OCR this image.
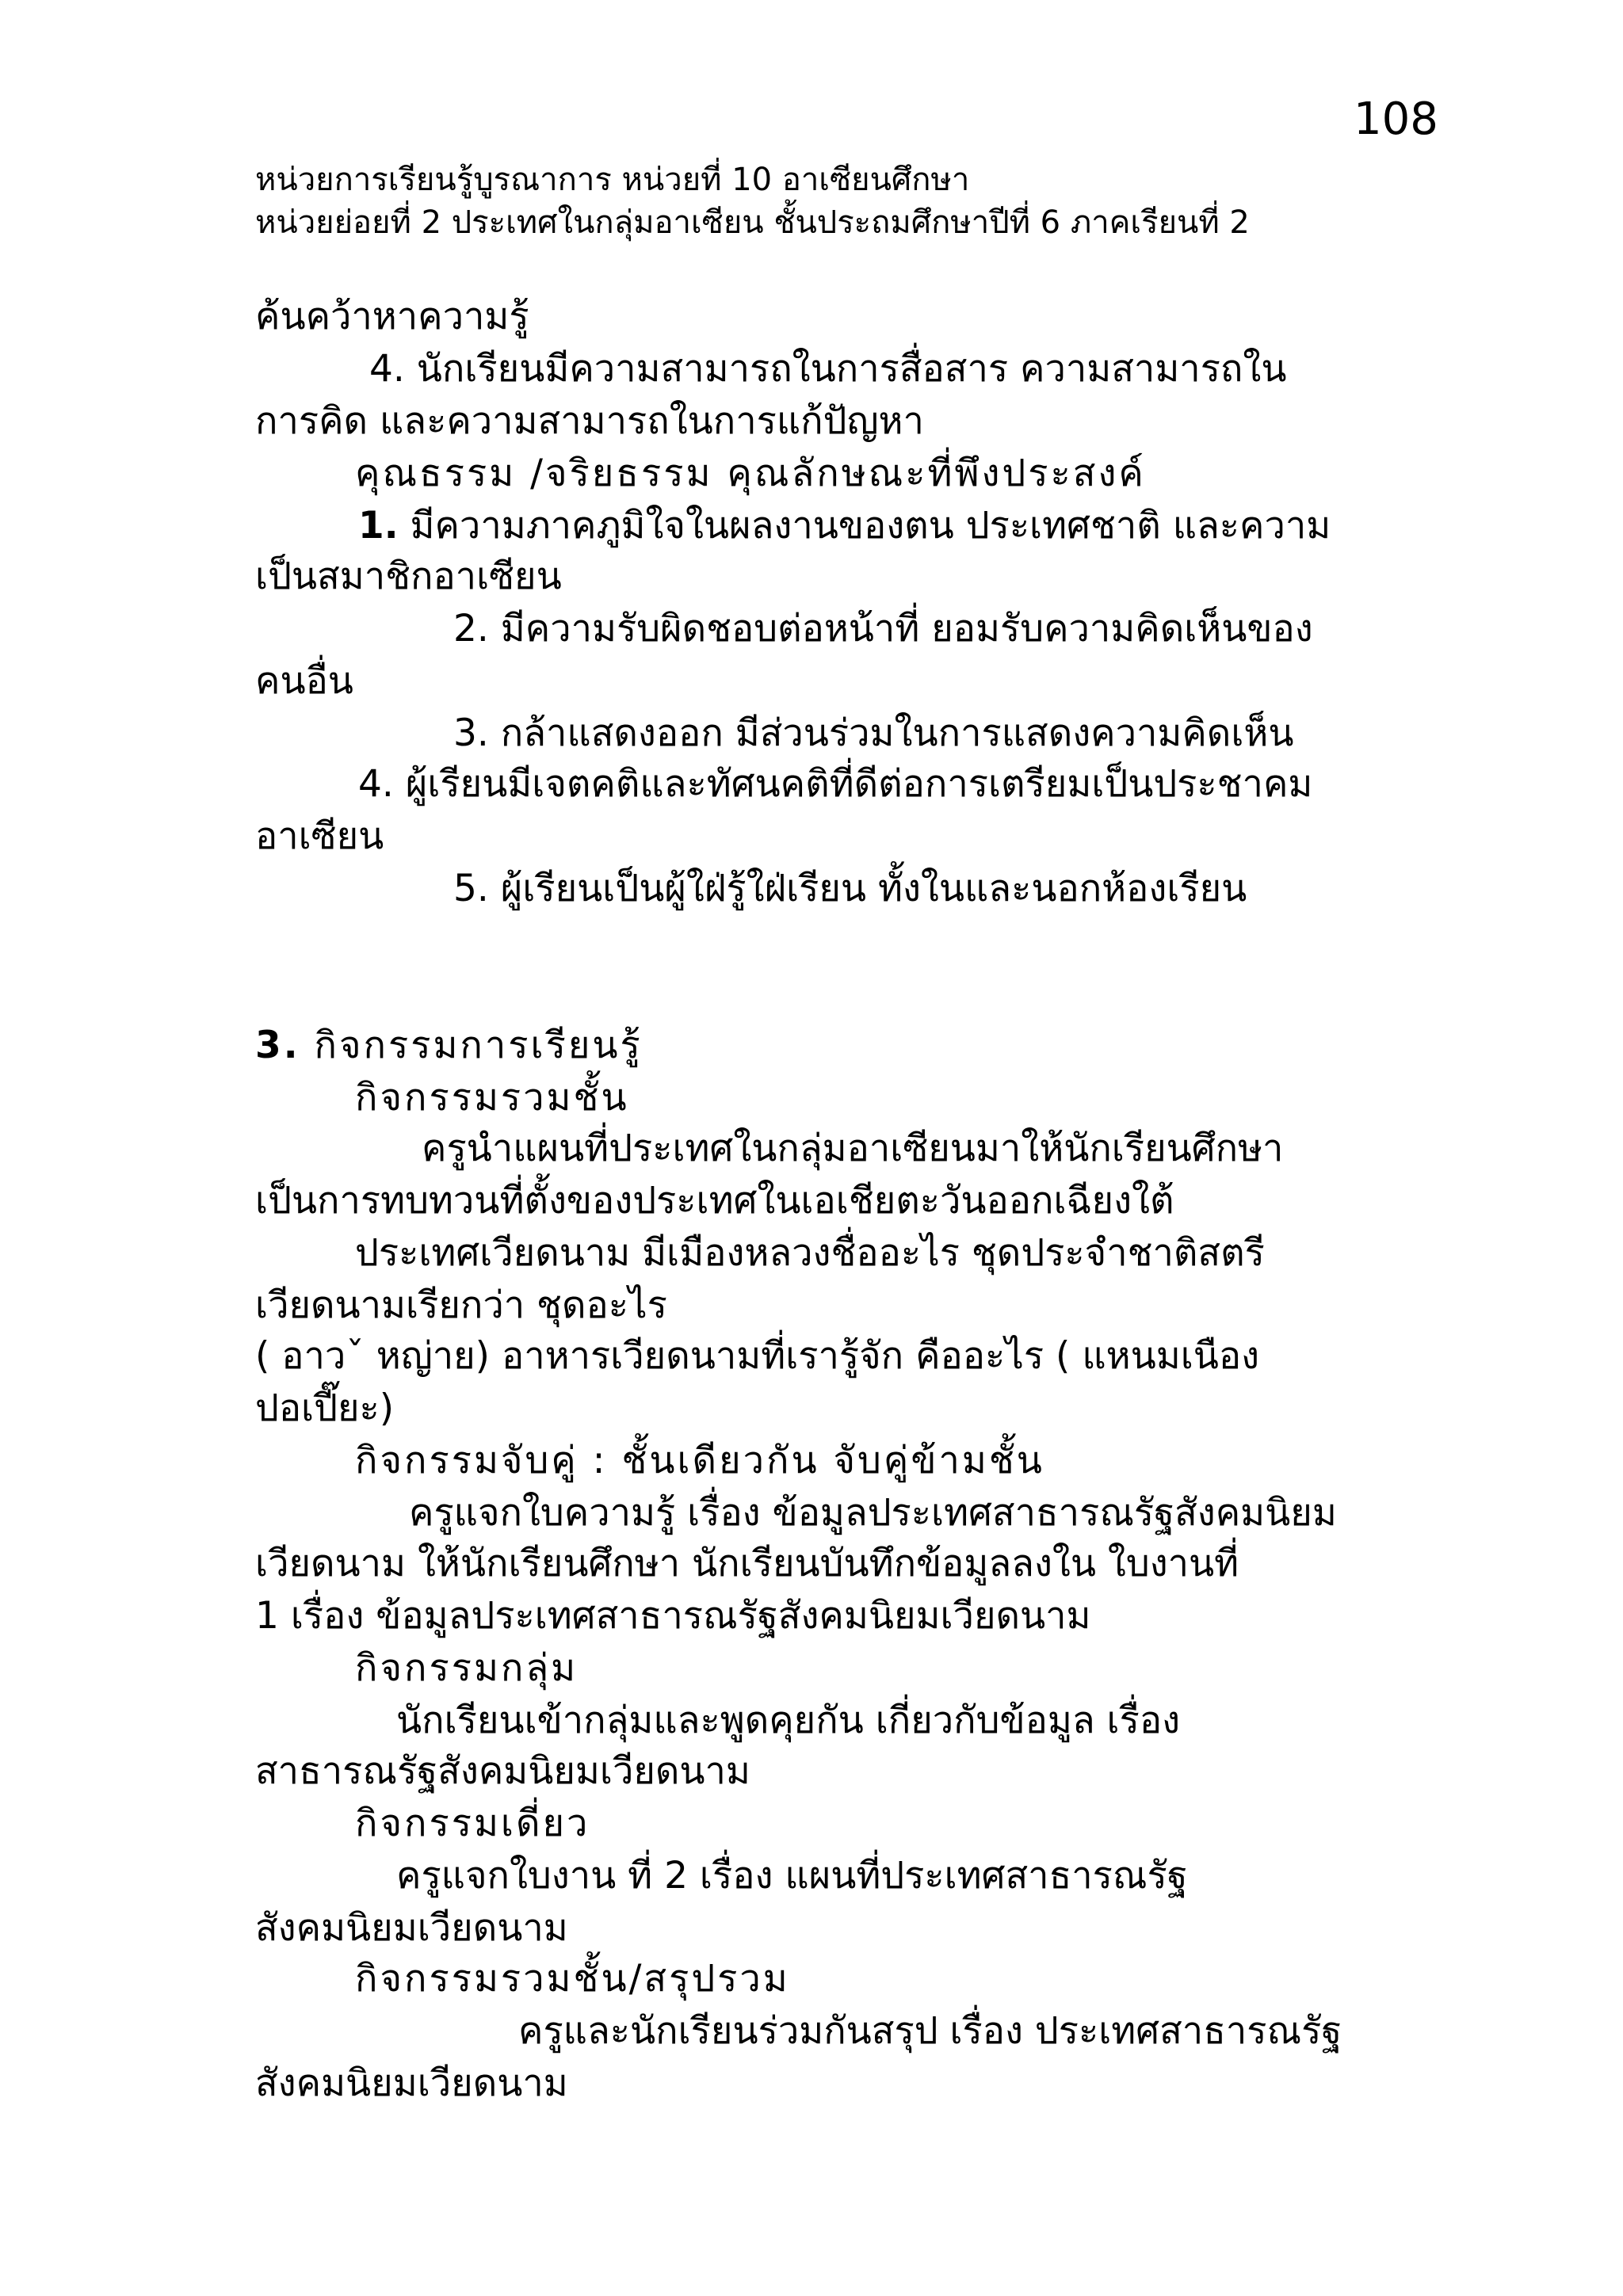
108
หน่วยการเรียนรู้บูรณาการ หน่วยที่ 10 อาเซียนศึกษา
หน่วยย่อยที่ 2 ประเทศในกลุ่มอาเซียน ชั้นประถมศึกษาปีที่ 6 ภาคเรียนที่ 2
ค้นคว้าหาความรู้
4. นักเรียนมีความสามารถในการสื่อสาร ความสามารถใน
การคิด และความสามารถในการแก้ปัญหา
คุณธรรม /จริยธรรม คุณลักษณะที่พึงประสงค์
1. มีความภาคภูมิใจในผลงานของตน ประเทศชาติ และความ
เป็นสมาชิกอาเซียน
2. มีความรับผิดชอบต่อหน้าที่ ยอมรับความคิดเห็นของ
คนอื่น
3. กล้าแสดงออก มีส่วนร่วมในการแสดงความคิดเห็น
4. ผู้เรียนมีเจตคติและทัศนคติที่ดีต่อการเตรียมเป็นประชาคม
อาเซียน
5. ผู้เรียนเป็นผู้ใฝ่รู้ใฝ่เรียน ทั้งในและนอกห้องเรียน
3. กิจกรรมการเรียนรู้
กิจกรรมรวมชั้น
ครูนำแผนที่ประเทศในกลุ่มอาเซียนมาให้นักเรียนศึกษา
เป็นการทบทวนที่ตั้งของประเทศในเอเชียตะวันออกเฉียงใต้
ประเทศเวียดนาม มีเมืองหลวงชื่ออะไร ชุดประจำชาติสตรี
เวียดนามเรียกว่า ชุดอะไร
( อาวˇ หญ่าย) อาหารเวียดนามที่เรารู้จัก คืออะไร ( แหนมเนือง
ปอเปี๊ยะ)
กิจกรรมจับคู่ : ชั้นเดียวกัน จับคู่ข้ามชั้น
ครูแจกใบความรู้ เรื่อง ข้อมูลประเทศสาธารณรัฐสังคมนิยม
เวียดนาม ให้นักเรียนศึกษา นักเรียนบันทึกข้อมูลลงใน ใบงานที่
1 เรื่อง ข้อมูลประเทศสาธารณรัฐสังคมนิยมเวียดนาม
กิจกรรมกลุ่ม
นักเรียนเข้ากลุ่มและพูดคุยกัน เกี่ยวกับข้อมูล เรื่อง
สาธารณรัฐสังคมนิยมเวียดนาม
กิจกรรมเดี่ยว
ครูแจกใบงาน ที่ 2 เรื่อง แผนที่ประเทศสาธารณรัฐ
สังคมนิยมเวียดนาม
กิจกรรมรวมชั้น/สรุปรวม
ครูและนักเรียนร่วมกันสรุป เรื่อง ประเทศสาธารณรัฐ
สังคมนิยมเวียดนาม
